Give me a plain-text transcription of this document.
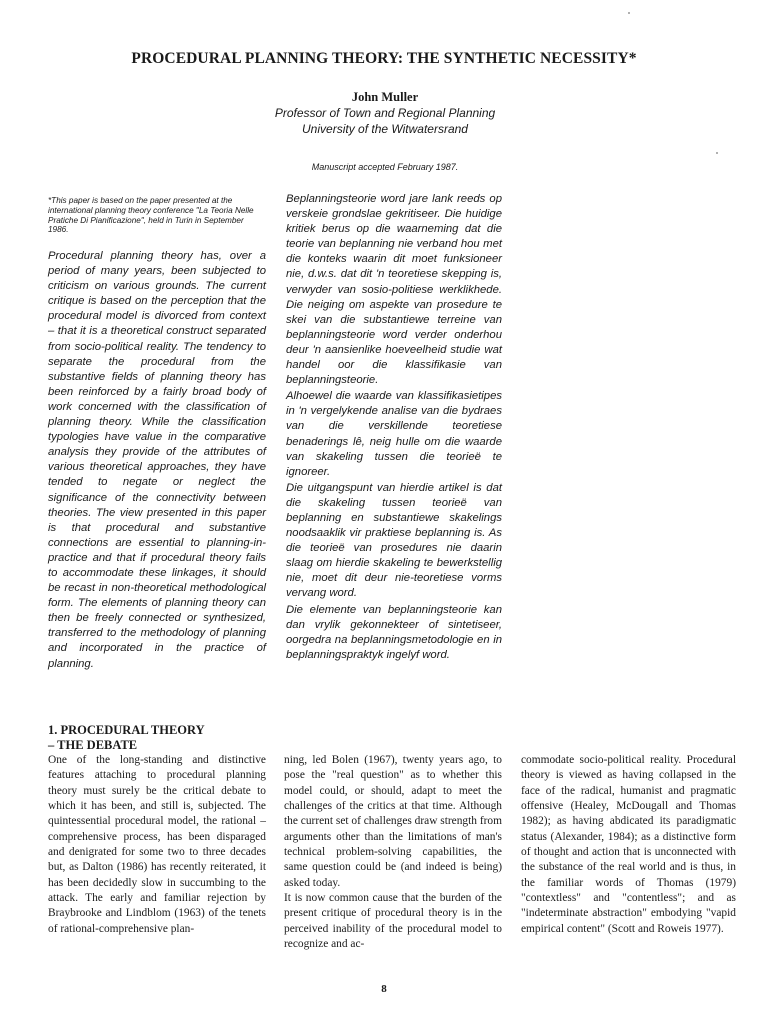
PROCEDURAL PLANNING THEORY: THE SYNTHETIC NECESSITY*
John Muller
Professor of Town and Regional Planning
University of the Witwatersrand
Manuscript accepted February 1987.
*This paper is based on the paper presented at the international planning theory conference "La Teoria Nelle Pratiche Di Pianificazione", held in Turin in September 1986.

Procedural planning theory has, over a period of many years, been subjected to criticism on various grounds. The current critique is based on the perception that the procedural model is divorced from context – that it is a theoretical construct separated from socio-political reality. The tendency to separate the procedural from the substantive fields of planning theory has been reinforced by a fairly broad body of work concerned with the classification of planning theory. While the classification typologies have value in the comparative analysis they provide of the attributes of various theoretical approaches, they have tended to negate or neglect the significance of the connectivity between theories. The view presented in this paper is that procedural and substantive connections are essential to planning-in-practice and that if procedural theory fails to accommodate these linkages, it should be recast in non-theoretical methodological form. The elements of planning theory can then be freely connected or synthesized, transferred to the methodology of planning and incorporated in the practice of planning.

Beplanningsteorie word jare lank reeds op verskeie grondslae gekritiseer. Die huidige kritiek berus op die waarneming dat die teorie van beplanning nie verband hou met die konteks waarin dit moet funksioneer nie, d.w.s. dat dit 'n teoretiese skepping is, verwyder van sosio-politiese werklikhede. Die neiging om aspekte van prosedure te skei van die substantiewe terreine van beplanningsteorie word verder onderhou deur 'n aansienlike hoeveelheid studie wat handel oor die klassifikasie van beplanningsteorie.

Alhoewel die waarde van klassifikasietipes in 'n vergelykende analise van die bydraes van die verskillende teoretiese benaderings lê, neig hulle om die waarde van skakeling tussen die teorieë te ignoreer.

Die uitgangspunt van hierdie artikel is dat die skakeling tussen teorieë van beplanning en substantiewe skakelings noodsaaklik vir praktiese beplanning is. As die teorieë van prosedures nie daarin slaag om hierdie skakeling te bewerkstellig nie, moet dit deur nie-teoretiese vorms vervang word.

Die elemente van beplanningsteorie kan dan vrylik gekonnekteer of sintetiseer, oorgedra na beplanningsmetodologie en in beplanningspraktyk ingelyf word.

1. PROCEDURAL THEORY
– THE DEBATE

One of the long-standing and distinctive features attaching to procedural planning theory must surely be the critical debate to which it has been, and still is, subjected. The quintessential procedural model, the rational – comprehensive process, has been disparaged and denigrated for some two to three decades but, as Dalton (1986) has recently reiterated, it has been decidedly slow in succumbing to the attack. The early and familiar rejection by Braybrooke and Lindblom (1963) of the tenets of rational-comprehensive plan-

ning, led Bolen (1967), twenty years ago, to pose the "real question" as to whether this model could, or should, adapt to meet the challenges of the critics at that time. Although the current set of challenges draw strength from arguments other than the limitations of man's technical problem-solving capabilities, the same question could be (and indeed is being) asked today.

It is now common cause that the burden of the present critique of procedural theory is in the perceived inability of the procedural model to recognize and ac-

commodate socio-political reality. Procedural theory is viewed as having collapsed in the face of the radical, humanist and pragmatic offensive (Healey, McDougall and Thomas 1982); as having abdicated its paradigmatic status (Alexander, 1984); as a distinctive form of thought and action that is unconnected with the substance of the real world and is thus, in the familiar words of Thomas (1979) "contextless" and "contentless"; and as "indeterminate abstraction" embodying "vapid empirical content" (Scott and Roweis 1977).

8
